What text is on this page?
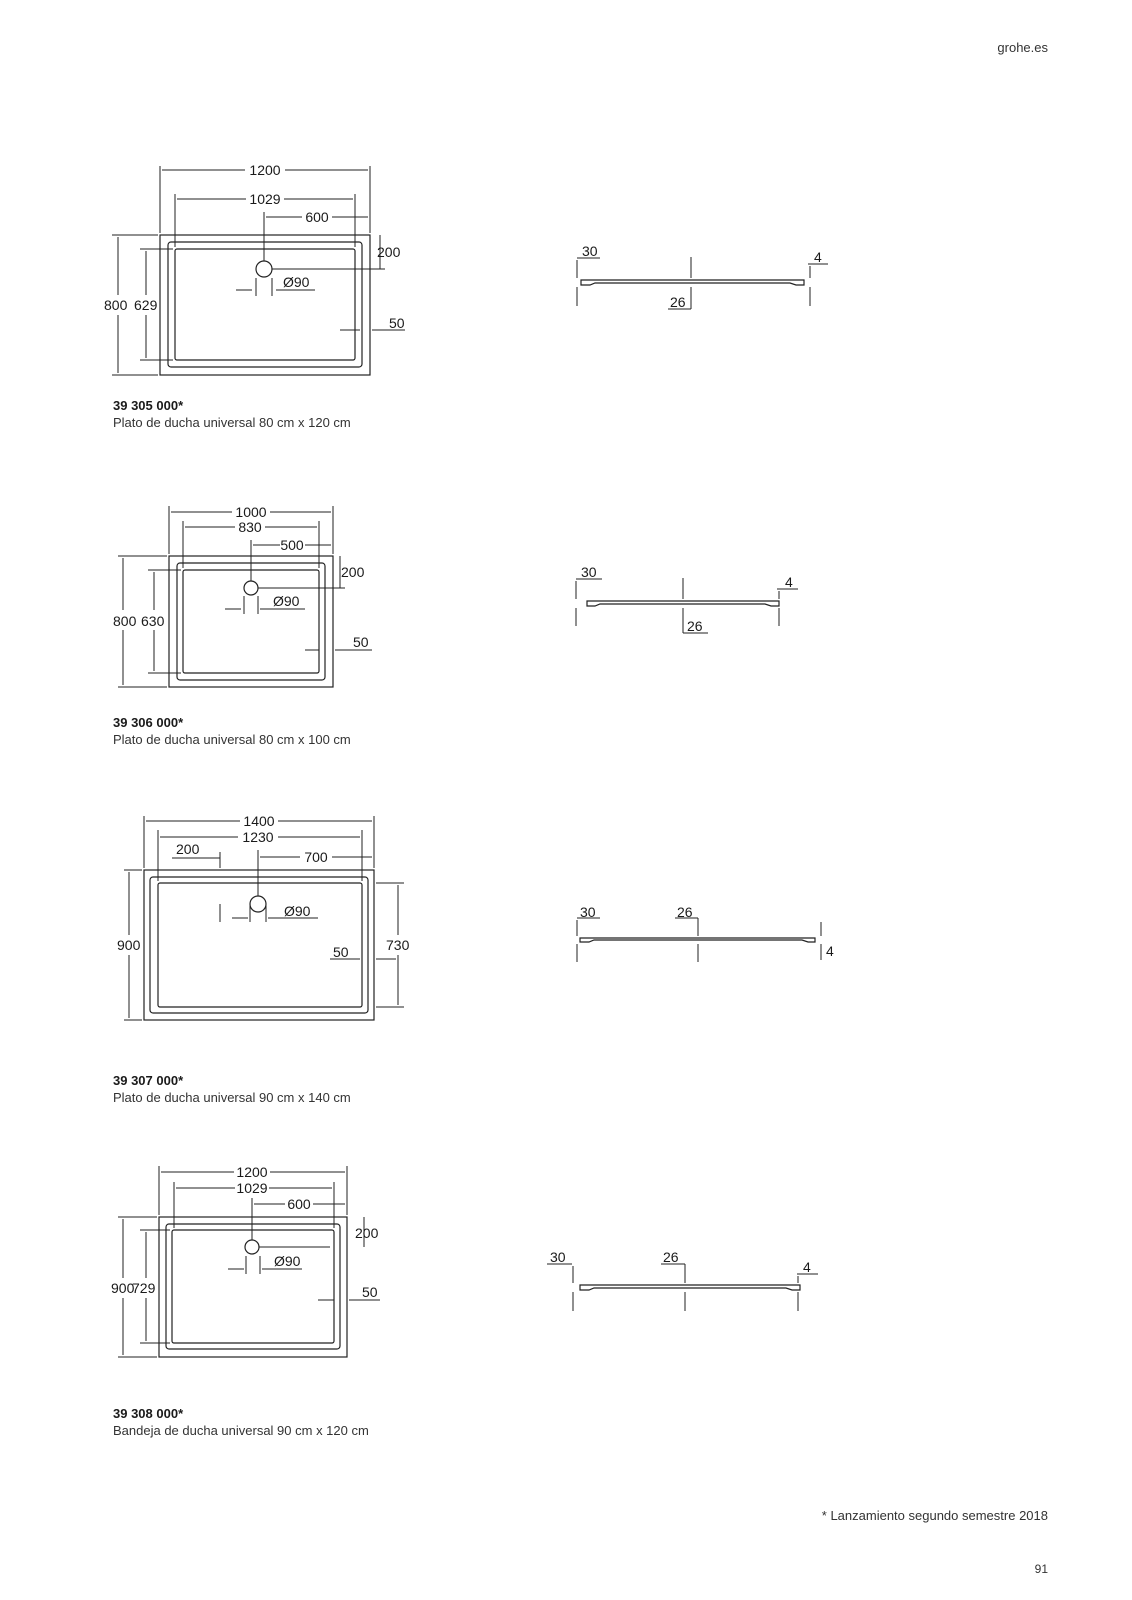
grohe.es
1200
1029
600
200
Ø90
50
800 629
30	4
26
39 305 000*
Plato de ducha universal 80 cm x 120 cm
1000
830
500
200
Ø90
50
800 630
30
4
26
39 306 000*
Plato de ducha universal 80 cm x 100 cm
1400
1230
200	700
Ø90
50	730
900
30	26
4
39 307 000*
Plato de ducha universal 90 cm x 140 cm
1200
1029
600
200
Ø90
50
900
729
30	26
4
39 308 000*
Bandeja de ducha universal 90 cm x 120 cm
* Lanzamiento segundo semestre 2018
91
